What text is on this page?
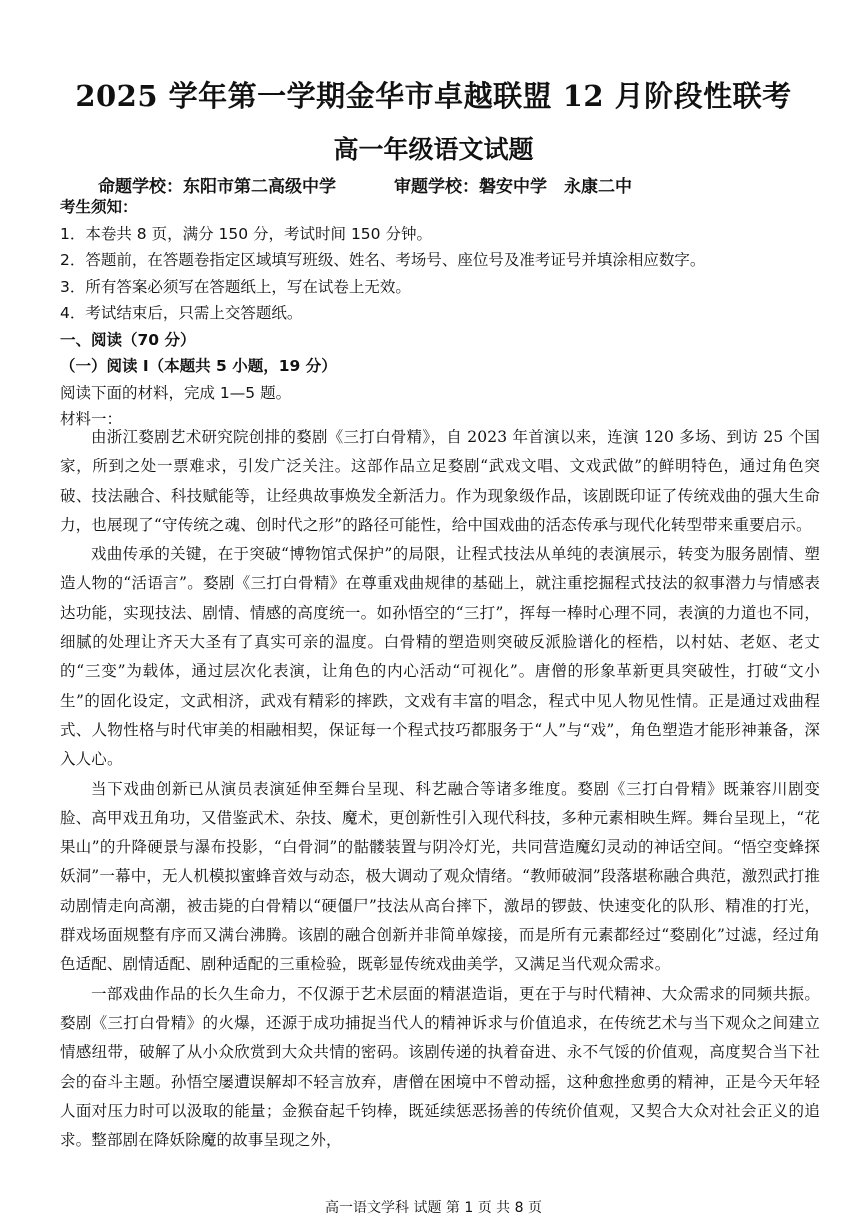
2025 学年第一学期金华市卓越联盟 12 月阶段性联考
高一年级语文试题
命题学校：东阳市第二高级中学	审题学校：磐安中学　永康二中

考生须知：

1．本卷共 8 页，满分 150 分，考试时间 150 分钟。

2．答题前，在答题卷指定区域填写班级、姓名、考场号、座位号及准考证号并填涂相应数字。

3．所有答案必须写在答题纸上，写在试卷上无效。

4．考试结束后，只需上交答题纸。

一、阅读（70 分）

（一）阅读 I（本题共 5 小题，19 分）

阅读下面的材料，完成 1—5 题。

材料一：

由浙江婺剧艺术研究院创排的婺剧《三打白骨精》，自 2023 年首演以来，连演 120 多场、到访 25 个国家，所到之处一票难求，引发广泛关注。这部作品立足婺剧“武戏文唱、文戏武做”的鲜明特色，通过角色突破、技法融合、科技赋能等，让经典故事焕发全新活力。作为现象级作品，该剧既印证了传统戏曲的强大生命力，也展现了“守传统之魂、创时代之形”的路径可能性，给中国戏曲的活态传承与现代化转型带来重要启示。

戏曲传承的关键，在于突破“博物馆式保护”的局限，让程式技法从单纯的表演展示，转变为服务剧情、塑造人物的“活语言”。婺剧《三打白骨精》在尊重戏曲规律的基础上，就注重挖掘程式技法的叙事潜力与情感表达功能，实现技法、剧情、情感的高度统一。如孙悟空的“三打”，挥每一棒时心理不同，表演的力道也不同，细腻的处理让齐天大圣有了真实可亲的温度。白骨精的塑造则突破反派脸谱化的桎梏，以村姑、老妪、老丈的“三变”为载体，通过层次化表演，让角色的内心活动“可视化”。唐僧的形象革新更具突破性，打破“文小生”的固化设定，文武相济，武戏有精彩的摔跌，文戏有丰富的唱念，程式中见人物见性情。正是通过戏曲程式、人物性格与时代审美的相融相契，保证每一个程式技巧都服务于“人”与“戏”，角色塑造才能形神兼备，深入人心。

当下戏曲创新已从演员表演延伸至舞台呈现、科艺融合等诸多维度。婺剧《三打白骨精》既兼容川剧变脸、高甲戏丑角功，又借鉴武术、杂技、魔术，更创新性引入现代科技，多种元素相映生辉。舞台呈现上，“花果山”的升降硬景与瀑布投影，“白骨洞”的骷髅装置与阴冷灯光，共同营造魔幻灵动的神话空间。“悟空变蜂探妖洞”一幕中，无人机模拟蜜蜂音效与动态，极大调动了观众情绪。“教师破洞”段落堪称融合典范，激烈武打推动剧情走向高潮，被击毙的白骨精以“硬僵尸”技法从高台摔下，激昂的锣鼓、快速变化的队形、精准的打光，群戏场面规整有序而又满台沸腾。该剧的融合创新并非简单嫁接，而是所有元素都经过“婺剧化”过滤，经过角色适配、剧情适配、剧种适配的三重检验，既彰显传统戏曲美学，又满足当代观众需求。

一部戏曲作品的长久生命力，不仅源于艺术层面的精湛造诣，更在于与时代精神、大众需求的同频共振。婺剧《三打白骨精》的火爆，还源于成功捕捉当代人的精神诉求与价值追求，在传统艺术与当下观众之间建立情感纽带，破解了从小众欣赏到大众共情的密码。该剧传递的执着奋进、永不气馁的价值观，高度契合当下社会的奋斗主题。孙悟空屡遭误解却不轻言放弃，唐僧在困境中不曾动摇，这种愈挫愈勇的精神，正是今天年轻人面对压力时可以汲取的能量；金猴奋起千钧棒，既延续惩恶扬善的传统价值观，又契合大众对社会正义的追求。整部剧在降妖除魔的故事呈现之外，

高一语文学科 试题 第 1 页 共 8 页
